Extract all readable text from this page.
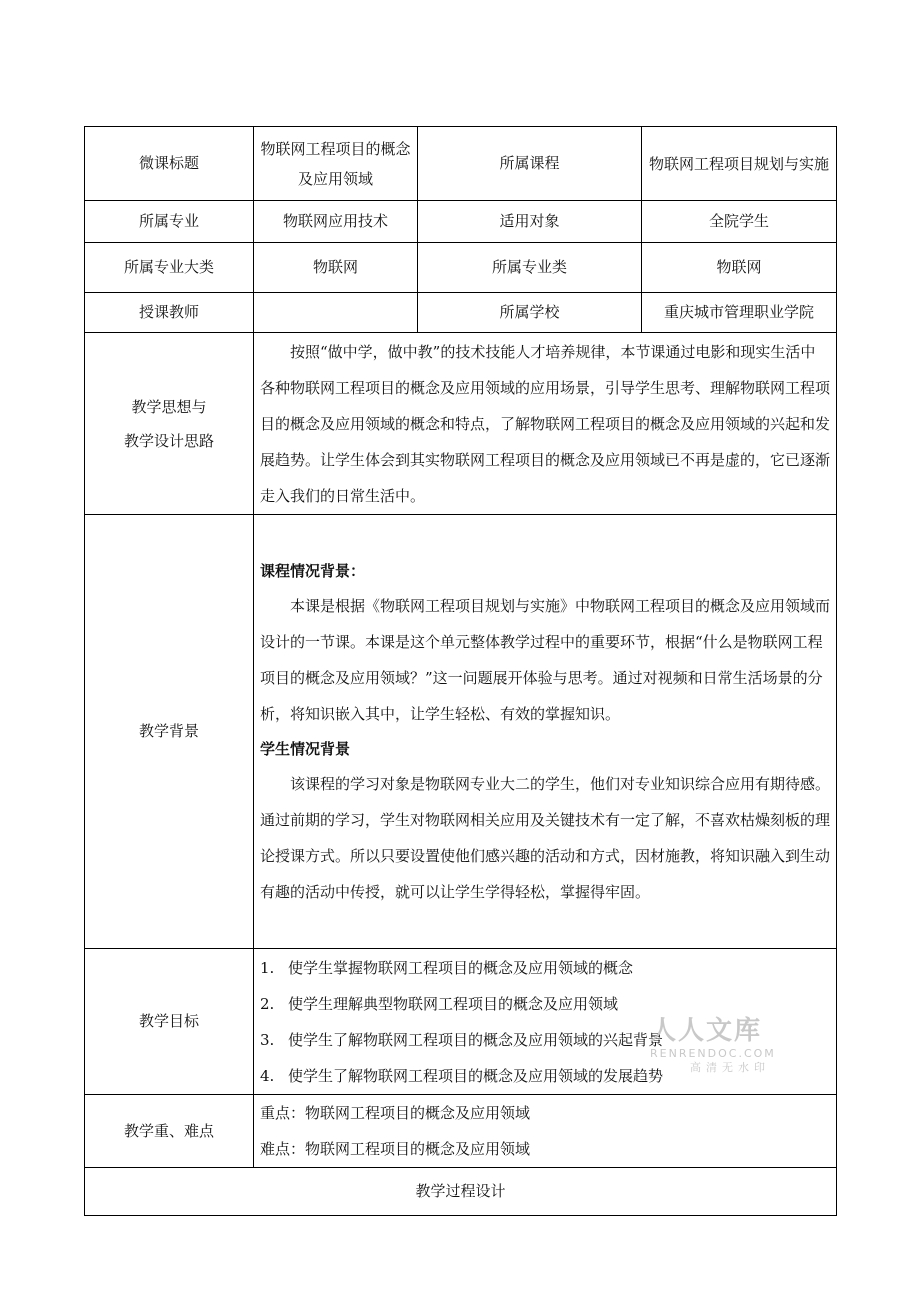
微课标题	物联网工程项目的概念及应用领域	所属课程	物联网工程项目规划与实施
所属专业	物联网应用技术	适用对象	全院学生
所属专业大类	物联网	所属专业类	物联网
授课教师		所属学校	重庆城市管理职业学院
教学思想与
教学设计思路	按照“做中学，做中教”的技术技能人才培养规律，本节课通过电影和现实生活中各种物联网工程项目的概念及应用领域的应用场景，引导学生思考、理解物联网工程项目的概念及应用领域的概念和特点，了解物联网工程项目的概念及应用领域的兴起和发展趋势。让学生体会到其实物联网工程项目的概念及应用领域已不再是虚的，它已逐渐走入我们的日常生活中。		

教学背景	课程情况背景：

本课是根据《物联网工程项目规划与实施》中物联网工程项目的概念及应用领域而设计的一节课。本课是这个单元整体教学过程中的重要环节，根据“什么是物联网工程项目的概念及应用领域？”这一问题展开体验与思考。通过对视频和日常生活场景的分析，将知识嵌入其中，让学生轻松、有效的掌握知识。

学生情况背景

该课程的学习对象是物联网专业大二的学生，他们对专业知识综合应用有期待感。通过前期的学习，学生对物联网相关应用及关键技术有一定了解，不喜欢枯燥刻板的理论授课方式。所以只要设置使他们感兴趣的活动和方式，因材施教，将知识融入到生动有趣的活动中传授，就可以让学生学得轻松，掌握得牢固。		

教学目标	1. 使学生掌握物联网工程项目的概念及应用领域的概念

2. 使学生理解典型物联网工程项目的概念及应用领域

3. 使学生了解物联网工程项目的概念及应用领域的兴起背景

4. 使学生了解物联网工程项目的概念及应用领域的发展趋势		

教学重、难点	重点：物联网工程项目的概念及应用领域

难点：物联网工程项目的概念及应用领域		

教学过程设计			
人人文库
RENRENDOC.COM
高清无水印
